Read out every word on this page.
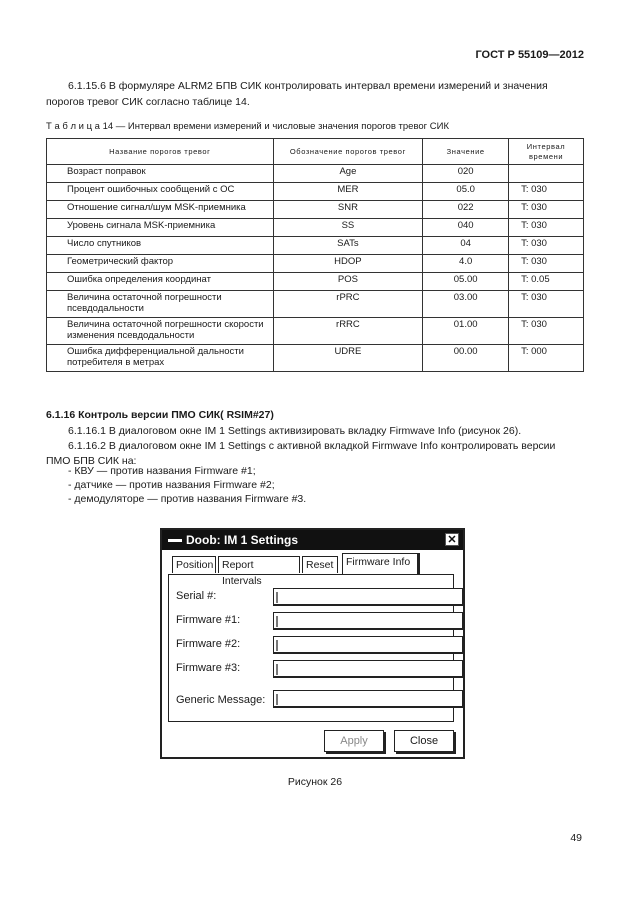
ГОСТ Р 55109—2012
6.1.15.6 В формуляре ALRM2 БПВ СИК контролировать интервал времени измерений и значения
порогов тревог СИК согласно таблице 14.
Т а б л и ц а 14 — Интервал времени измерений и числовые значения порогов тревог СИК
Название порогов тревог	Обозначение порогов тревог	Значение	Интервал времени
Возраст поправок	Age	020	
Процент ошибочных сообщений с ОС	MER	05.0	T: 030
Отношение сигнал/шум MSK-приемника	SNR	022	T: 030
Уровень сигнала MSK-приемника	SS	040	T: 030
Число спутников	SATs	04	T: 030
Геометрический фактор	HDOP	4.0	T: 030
Ошибка определения координат	POS	05.00	T: 0.05
Величина остаточной погрешности псевдодальности	rPRC	03.00	T: 030
Величина остаточной погрешности скорости изменения псевдодальности	rRRC	01.00	T: 030
Ошибка дифференциальной дальности потребителя в метрах	UDRE	00.00	T: 000
6.1.16 Контроль версии ПМО СИК( RSIM#27)
6.1.16.1 В диалоговом окне IM 1 Settings активизировать вкладку Firmwave Info (рисунок 26).
6.1.16.2 В диалоговом окне IM 1 Settings с активной вкладкой Firmwave Info контролировать версии
ПМО БПВ СИК на:
- КВУ — против названия Firmware #1;
- датчике — против названия Firmware #2;
- демодуляторе — против названия Firmware #3.
Doob: IM 1 Settings	✕
Position Report Intervals
Reset	Firmware Info
Serial #:
Firmware #1:
Firmware #2:
Firmware #3:
Generic Message:
Apply	Close
Рисунок 26
49
